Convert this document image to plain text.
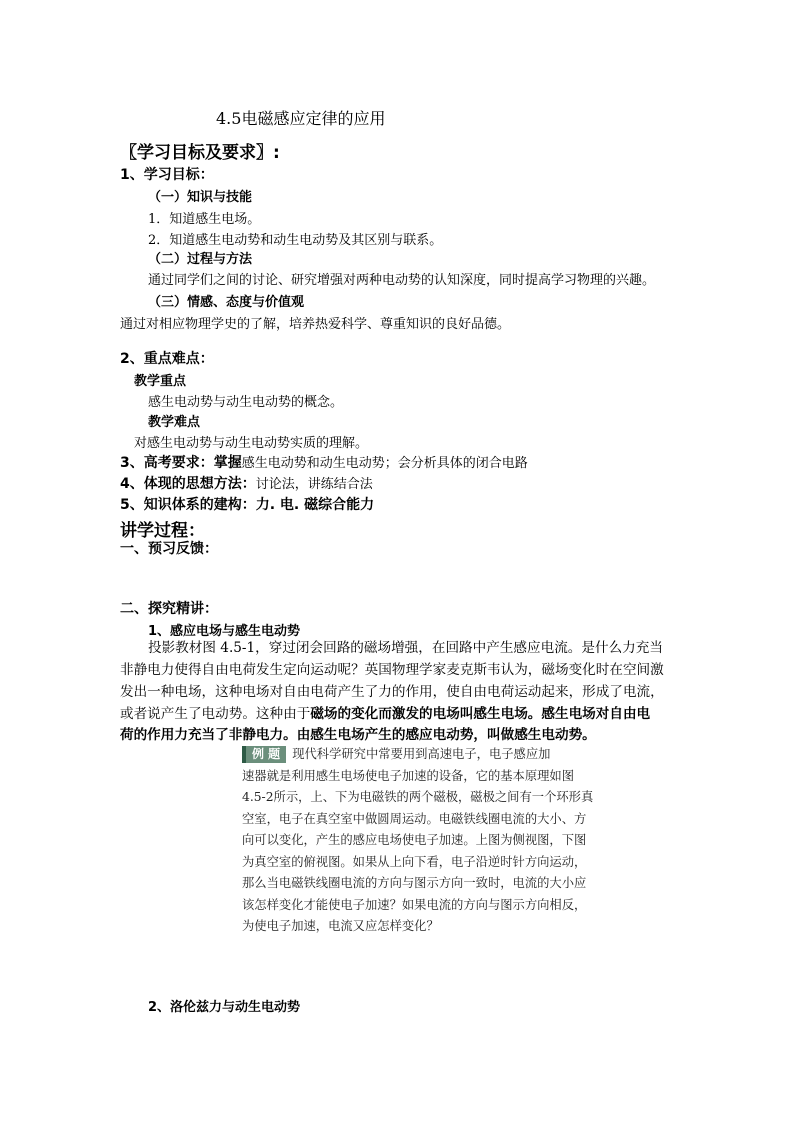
4.5电磁感应定律的应用
〖学习目标及要求〗:
1、学习目标：
（一）知识与技能
1．知道感生电场。
2．知道感生电动势和动生电动势及其区别与联系。
（二）过程与方法
通过同学们之间的讨论、研究增强对两种电动势的认知深度，同时提高学习物理的兴趣。
（三）情感、态度与价值观
通过对相应物理学史的了解，培养热爱科学、尊重知识的良好品德。
2、重点难点：
教学重点
感生电动势与动生电动势的概念。
教学难点
对感生电动势与动生电动势实质的理解。
3、高考要求：掌握感生电动势和动生电动势；会分析具体的闭合电路
4、体现的思想方法：讨论法，讲练结合法
5、知识体系的建构：力. 电. 磁综合能力
讲学过程：
一、预习反馈：
二、探究精讲：
1、感应电场与感生电动势
投影教材图 4.5-1，穿过闭会回路的磁场增强，在回路中产生感应电流。是什么力充当
非静电力使得自由电荷发生定向运动呢？英国物理学家麦克斯韦认为，磁场变化时在空间激
发出一种电场，这种电场对自由电荷产生了力的作用，使自由电荷运动起来，形成了电流，
或者说产生了电动势。这种由于磁场的变化而激发的电场叫感生电场。感生电场对自由电
荷的作用力充当了非静电力。由感生电场产生的感应电动势，叫做感生电动势。
例 题 现代科学研究中常要用到高速电子，电子感应加
速器就是利用感生电场使电子加速的设备，它的基本原理如图
4.5-2所示，上、下为电磁铁的两个磁极，磁极之间有一个环形真
空室，电子在真空室中做圆周运动。电磁铁线圈电流的大小、方
向可以变化，产生的感应电场使电子加速。上图为侧视图，下图
为真空室的俯视图。如果从上向下看，电子沿逆时针方向运动，
那么当电磁铁线圈电流的方向与图示方向一致时，电流的大小应
该怎样变化才能使电子加速？如果电流的方向与图示方向相反，
为使电子加速，电流又应怎样变化？
2、洛伦兹力与动生电动势
